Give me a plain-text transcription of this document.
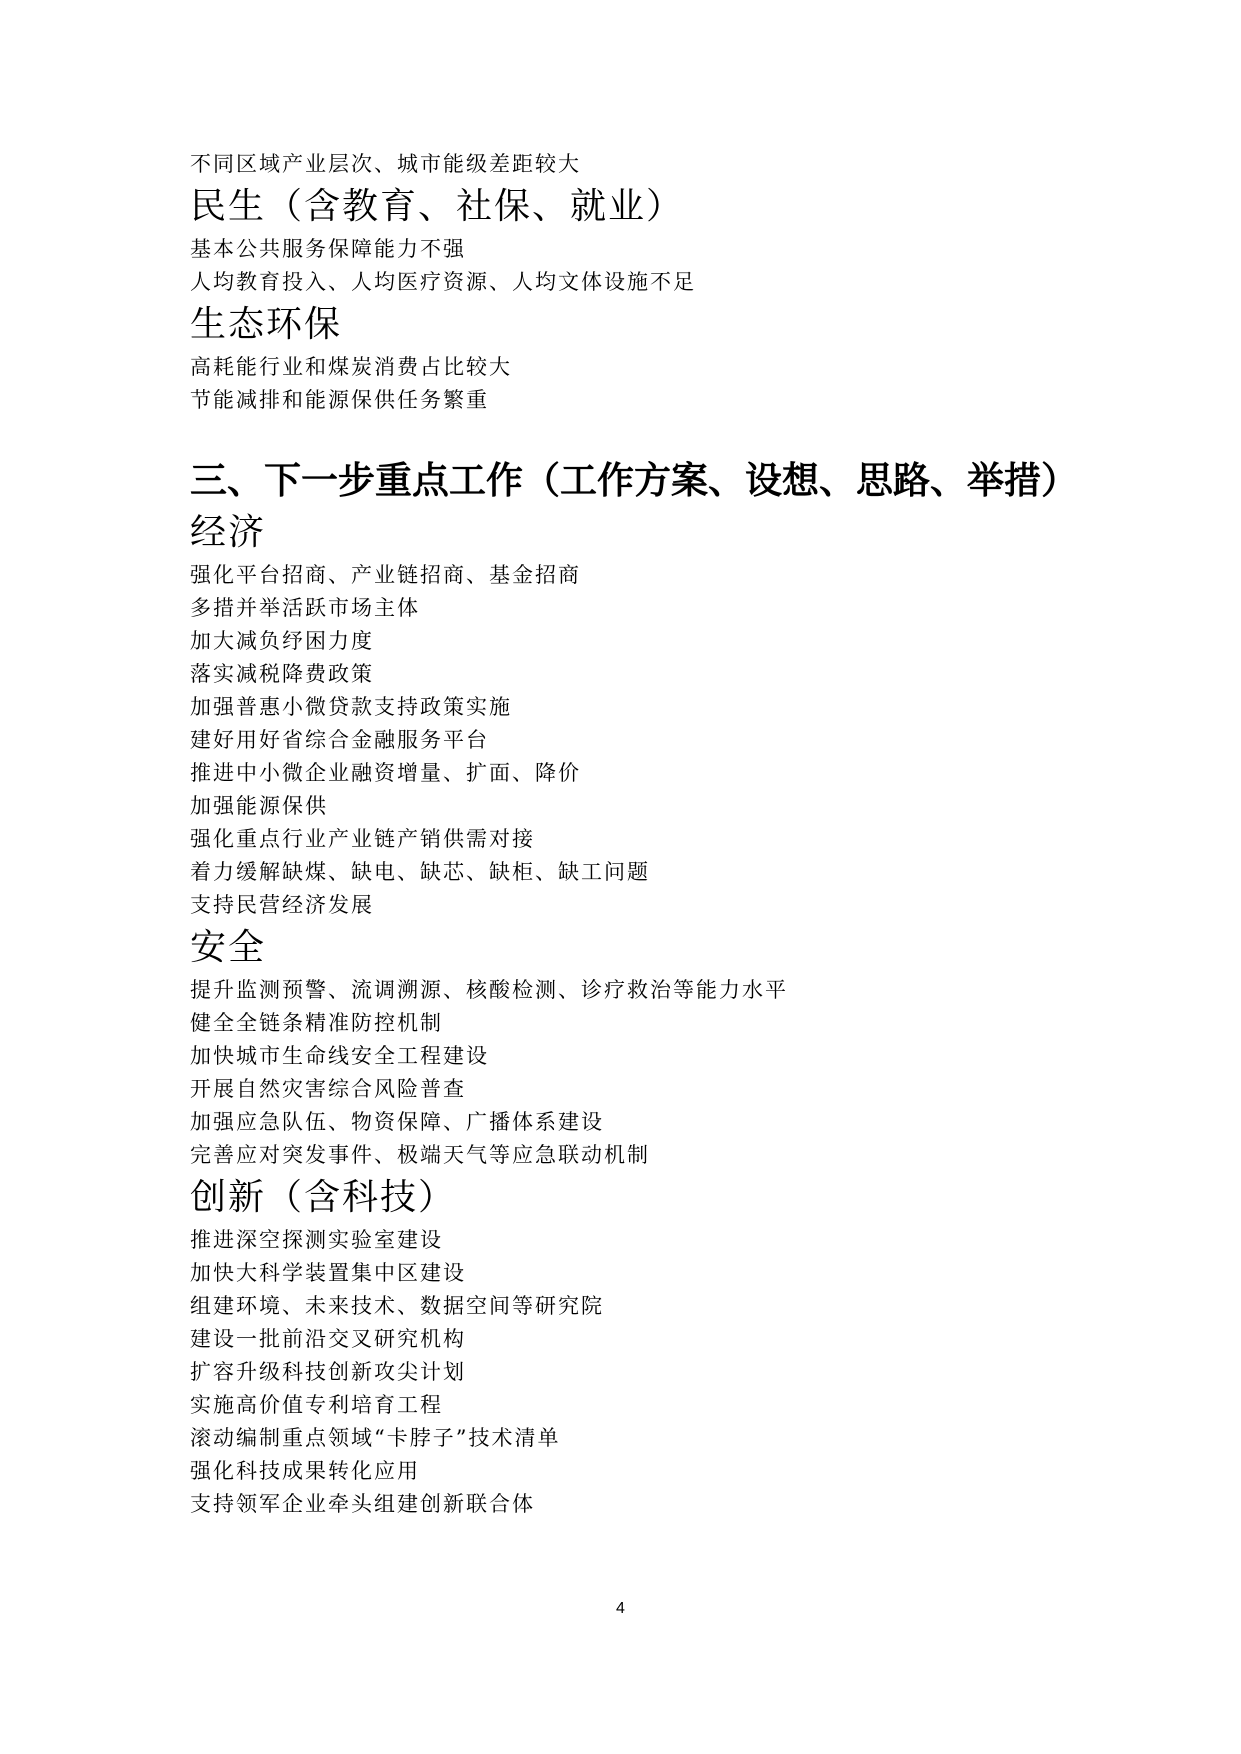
不同区域产业层次、城市能级差距较大
民生（含教育、社保、就业）
基本公共服务保障能力不强
人均教育投入、人均医疗资源、人均文体设施不足
生态环保
高耗能行业和煤炭消费占比较大
节能减排和能源保供任务繁重
三、下一步重点工作（工作方案、设想、思路、举措）
经济
强化平台招商、产业链招商、基金招商
多措并举活跃市场主体
加大减负纾困力度
落实减税降费政策
加强普惠小微贷款支持政策实施
建好用好省综合金融服务平台
推进中小微企业融资增量、扩面、降价
加强能源保供
强化重点行业产业链产销供需对接
着力缓解缺煤、缺电、缺芯、缺柜、缺工问题
支持民营经济发展
安全
提升监测预警、流调溯源、核酸检测、诊疗救治等能力水平
健全全链条精准防控机制
加快城市生命线安全工程建设
开展自然灾害综合风险普查
加强应急队伍、物资保障、广播体系建设
完善应对突发事件、极端天气等应急联动机制
创新（含科技）
推进深空探测实验室建设
加快大科学装置集中区建设
组建环境、未来技术、数据空间等研究院
建设一批前沿交叉研究机构
扩容升级科技创新攻尖计划
实施高价值专利培育工程
滚动编制重点领域“卡脖子”技术清单
强化科技成果转化应用
支持领军企业牵头组建创新联合体
4
